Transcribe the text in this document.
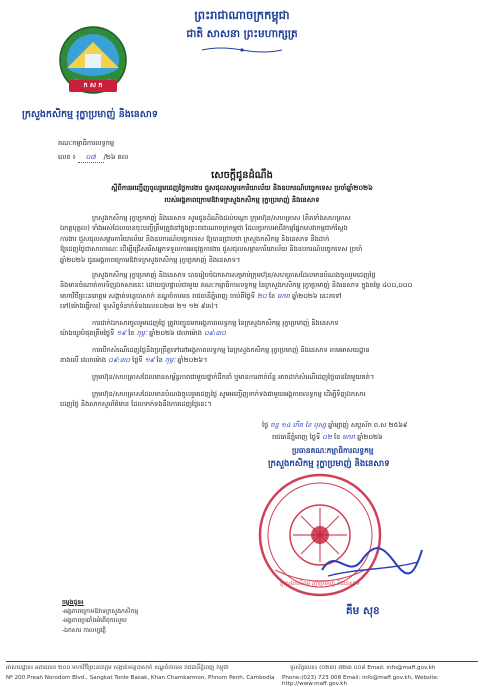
ព្រះរាជាណាចក្រកម្ពុជា
ជាតិ សាសនា ព្រះមហាក្សត្រ
ក ស ក
ក្រសួងកសិកម្ម រុក្ខាប្រមាញ់ និងនេសាទ
គណៈកម្មាធិការលទ្ធកម្ម
លេខ ៖ ០៧ /២៦ គល
សេចក្តីជូនដំណឹង
ស្តីពីការអញ្ជើញចូលរួមដេញថ្លៃការងារ ជួសជុលសម្ភារការិយាល័យ និងឧបករណ៍បច្ចេកទេស ប្រចាំឆ្នាំ២០២៦
របស់អង្គភាពក្រោមឱវាទក្រសួងកសិកម្ម រុក្ខាប្រមាញ់ និងនេសាទ
ក្រសួងកសិកម្ម រុក្ខាប្រមាញ់ និងនេសាទ សូមជូនដំណឹងដល់បណ្តា ក្រុមហ៊ុន/សហគ្រាស (គិតទាំងសហគ្រាស
ឯកត្តបុគ្គល) ទាំងអស់ដែលបានចុះបញ្ជីត្រឹមត្រូវនៅក្នុងព្រះរាជាណាចក្រកម្ពុជា ដែលប្រកបអាជីវកម្មផ្នែកសេវាកម្មជាក់ស្តែង
ការងារ ជួសជុលសម្ភារការិយាល័យ និងឧបករណ៍បច្ចេកទេស ឱ្យបានជ្រាបថា ក្រសួងកសិកម្ម និងនេសាទ នឹងដាក់
ឱ្យដេញថ្លៃជាសាធារណៈ ដើម្បីជ្រើសរើសអ្នកទទួលការអនុវត្តការងារ ជួសជុលសម្ភារការិយាល័យ និងឧបករណ៍បច្ចេកទេស ប្រចាំ
ឆ្នាំ២០២៦ ជូនអង្គភាពក្រោមឱវាទក្រសួងកសិកម្ម រុក្ខាប្រមាញ់ និងនេសាទ។
ក្រសួងកសិកម្ម រុក្ខាប្រមាញ់ និងនេសាទ បានរៀបចំឯកសារសម្រាប់ក្រុមហ៊ុន/សហគ្រាសដែលមានបំណងចូលរួមដេញថ្លៃ
និងមានចំណាត់ការទិញឯកសារនេះ ដោយជួបផ្ទាល់ជាមួយ គណៈកម្មាធិការលទ្ធកម្ម នៃក្រសួងកសិកម្ម រុក្ខាប្រមាញ់ និងនេសាទ ក្នុងតម្លៃ ៤០០,០០០
មហាវិថីព្រះនរោត្តម សង្កាត់ទន្លេបាសាក់ ខណ្ឌចំការមន រាជធានីភ្នំពេញ ចាប់ពីថ្ងៃទី ២០ ខែ មករា ឆ្នាំ២០២៦ នេះតទៅ
ទៅ(ម៉ោងធ្វើការ) ទូរស័ព្ទទំនាក់ទំនងលេខ០២៣ ២១ ១២ ៩៣)។
ការដាក់ឯកសារចូលរួមដេញថ្លៃ ត្រូវបញ្ជូនមកអង្គភាពលទ្ធកម្ម នៃក្រសួងកសិកម្ម រុក្ខាប្រមាញ់ និងនេសាទ
យ៉ាងយូរបំផុតត្រឹមថ្ងៃទី ១៩ ខែ កុម្ភៈ ឆ្នាំ២០២៦ វេលាម៉ោង ០៩:៣០
ការបើកសំណើដេញថ្លៃនឹងប្រព្រឹត្តទៅនៅអង្គភាពលទ្ធកម្ម នៃក្រសួងកសិកម្ម រុក្ខាប្រមាញ់ និងនេសាទ តាមអាសយដ្ឋាន
ខាងលើ វេលាម៉ោង ០៩:៣០ ថ្ងៃទី ១៩ ខែ កុម្ភៈ ឆ្នាំ២០២៦។
ក្រុមហ៊ុន/សហគ្រាសដែលមានសម្ព័ន្ធភាពជាមួយថ្នាក់ដឹកនាំ ឬមានការពាក់ព័ន្ធ អាចដាក់សំណើដេញថ្លៃបានតែមួយគត់។
ក្រុមហ៊ុន/សហគ្រាសដែលមានបំណងចូលរួមដេញថ្លៃ សូមអញ្ជើញទាក់ទងជាមួយអង្គភាពលទ្ធកម្ម ដើម្បីទិញឯកសារ
ដេញថ្លៃ និងសាកសួរព័ត៌មាន ដែលទាក់ទងនឹងការដេញថ្លៃនេះ។
ថ្ងៃ ចន្ទ ១៤ កើត ខែ បុស្ស ឆ្នាំម្សាញ់ សប្តស័ក ព.ស ២៥៦៩
រាជធានីភ្នំពេញ ថ្ងៃទី ០២ ខែ មករា ឆ្នាំ២០២៦
ប្រធានគណៈកម្មាធិការលទ្ធកម្ម
ក្រសួងកសិកម្ម រុក្ខាប្រមាញ់ និងនេសាទ
ក្រសួងកសិកម្ម រុក្ខាប្រមាញ់ និងនេសាទ
គឹម សុខ
ចម្លងជូន៖
-អង្គភាពក្រោមឱវាទក្រសួងកសិកម្ម
-អង្គភាពប្រឆាំងអំពើពុករលួយ
-ឯកសារ កាលប្បវត្តិ
អាសយដ្ឋាន៖ អគារលេខ ២០០ មហាវិថីព្រះនរោត្តម សង្កាត់ទន្លេបាសាក់ ខណ្ឌចំការមន រាជធានីភ្នំពេញ កម្ពុជា	ទូរស័ព្ទលេខ៖ (០២៣) ៧២៣ ០០៨ Email: info@maff.gov.kh
Nº 200 Preah Norodom Blvd., Sangkat Tonle Basak, Khan Chamkarmon, Phnom Penh, Cambodia Phone:(023) 723 008 Email: info@maff.gov.kh, Website: http://www.maff.gov.kh
